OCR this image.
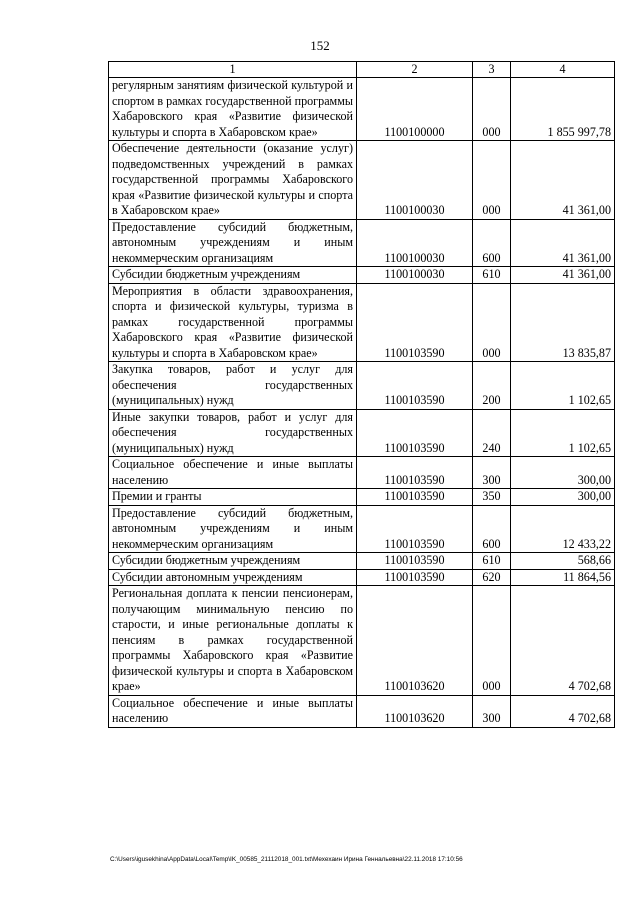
152
1	2	3	4
регулярным занятиям физической культурой и спортом в рамках государственной программы Хабаровского края «Развитие физической культуры и спорта в Хабаровском крае»	1100100000	000	1 855 997,78
Обеспечение деятельности (оказание услуг) подведомственных учреждений в рамках государственной программы Хабаровского края «Развитие физической культуры и спорта в Хабаровском крае»	1100100030	000	41 361,00
Предоставление субсидий бюджетным, автономным учреждениям и иным некоммерческим организациям	1100100030	600	41 361,00
Субсидии бюджетным учреждениям	1100100030	610	41 361,00
Мероприятия в области здравоохранения, спорта и физической культуры, туризма в рамках государственной программы Хабаровского края «Развитие физической культуры и спорта в Хабаровском крае»	1100103590	000	13 835,87
Закупка товаров, работ и услуг для обеспечения государственных (муниципальных) нужд	1100103590	200	1 102,65
Иные закупки товаров, работ и услуг для обеспечения государственных (муниципальных) нужд	1100103590	240	1 102,65
Социальное обеспечение и иные выплаты населению	1100103590	300	300,00
Премии и гранты	1100103590	350	300,00
Предоставление субсидий бюджетным, автономным учреждениям и иным некоммерческим организациям	1100103590	600	12 433,22
Субсидии бюджетным учреждениям	1100103590	610	568,66
Субсидии автономным учреждениям	1100103590	620	11 864,56
Региональная доплата к пенсии пенсионерам, получающим минимальную пенсию по старости, и иные региональные доплаты к пенсиям в рамках государственной программы Хабаровского края «Развитие физической культуры и спорта в Хабаровском крае»	1100103620	000	4 702,68
Социальное обеспечение и иные выплаты населению	1100103620	300	4 702,68
C:\Users\igusekhina\AppData\Local\Temp\IK_00585_21112018_001.txt\Мехехаин Ирина Геннальевна\22.11.2018 17:10:56
